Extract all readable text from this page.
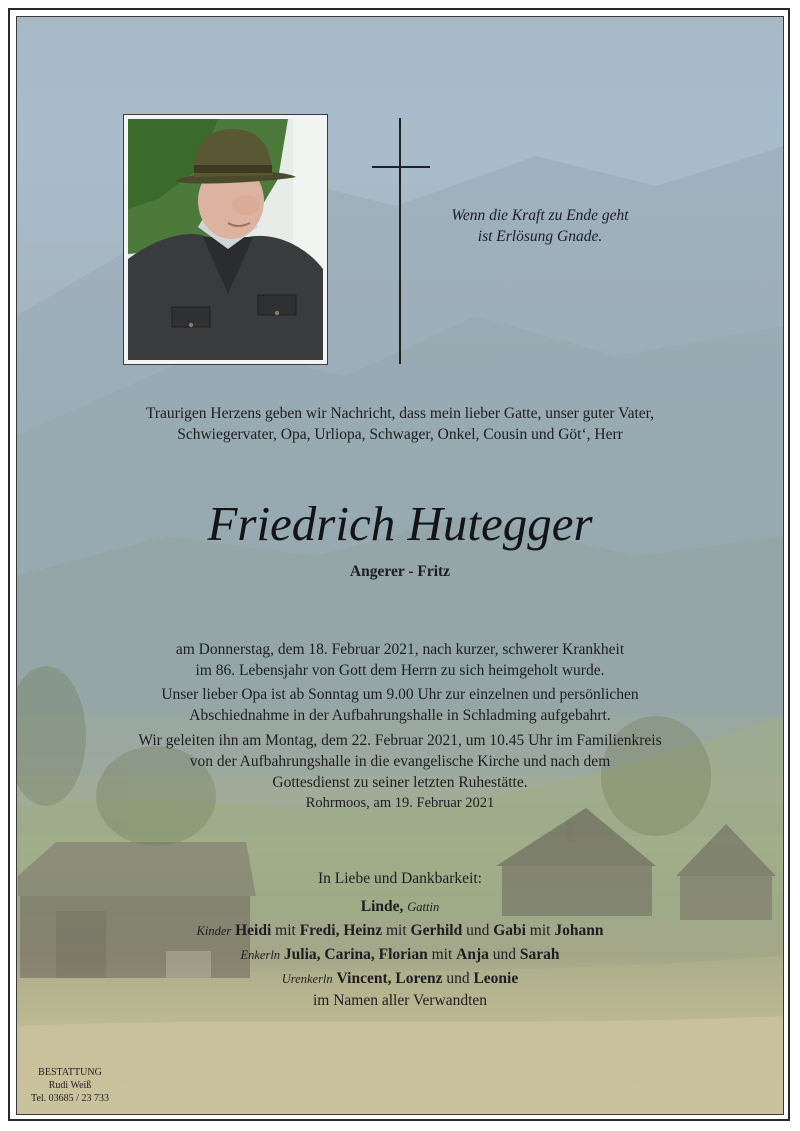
Wenn die Kraft zu Ende geht
ist Erlösung Gnade.
Traurigen Herzens geben wir Nachricht, dass mein lieber Gatte, unser guter Vater,
Schwiegervater, Opa, Urliopa, Schwager, Onkel, Cousin und Göt‘, Herr
Friedrich Hutegger
Angerer - Fritz
am Donnerstag, dem 18. Februar 2021, nach kurzer, schwerer Krankheit
im 86. Lebensjahr von Gott dem Herrn zu sich heimgeholt wurde.
Unser lieber Opa ist ab Sonntag um 9.00 Uhr zur einzelnen und persönlichen
Abschiednahme in der Aufbahrungshalle in Schladming aufgebahrt.
Wir geleiten ihn am Montag, dem 22. Februar 2021, um 10.45 Uhr im Familienkreis
von der Aufbahrungshalle in die evangelische Kirche und nach dem
Gottesdienst zu seiner letzten Ruhestätte.
Rohrmoos, am 19. Februar 2021
In Liebe und Dankbarkeit:
Linde, Gattin
Kinder Heidi mit Fredi, Heinz mit Gerhild und Gabi mit Johann
Enkerln Julia, Carina, Florian mit Anja und Sarah
Urenkerln Vincent, Lorenz und Leonie
im Namen aller Verwandten
BESTATTUNG
Rudi Weiß
Tel. 03685 / 23 733
